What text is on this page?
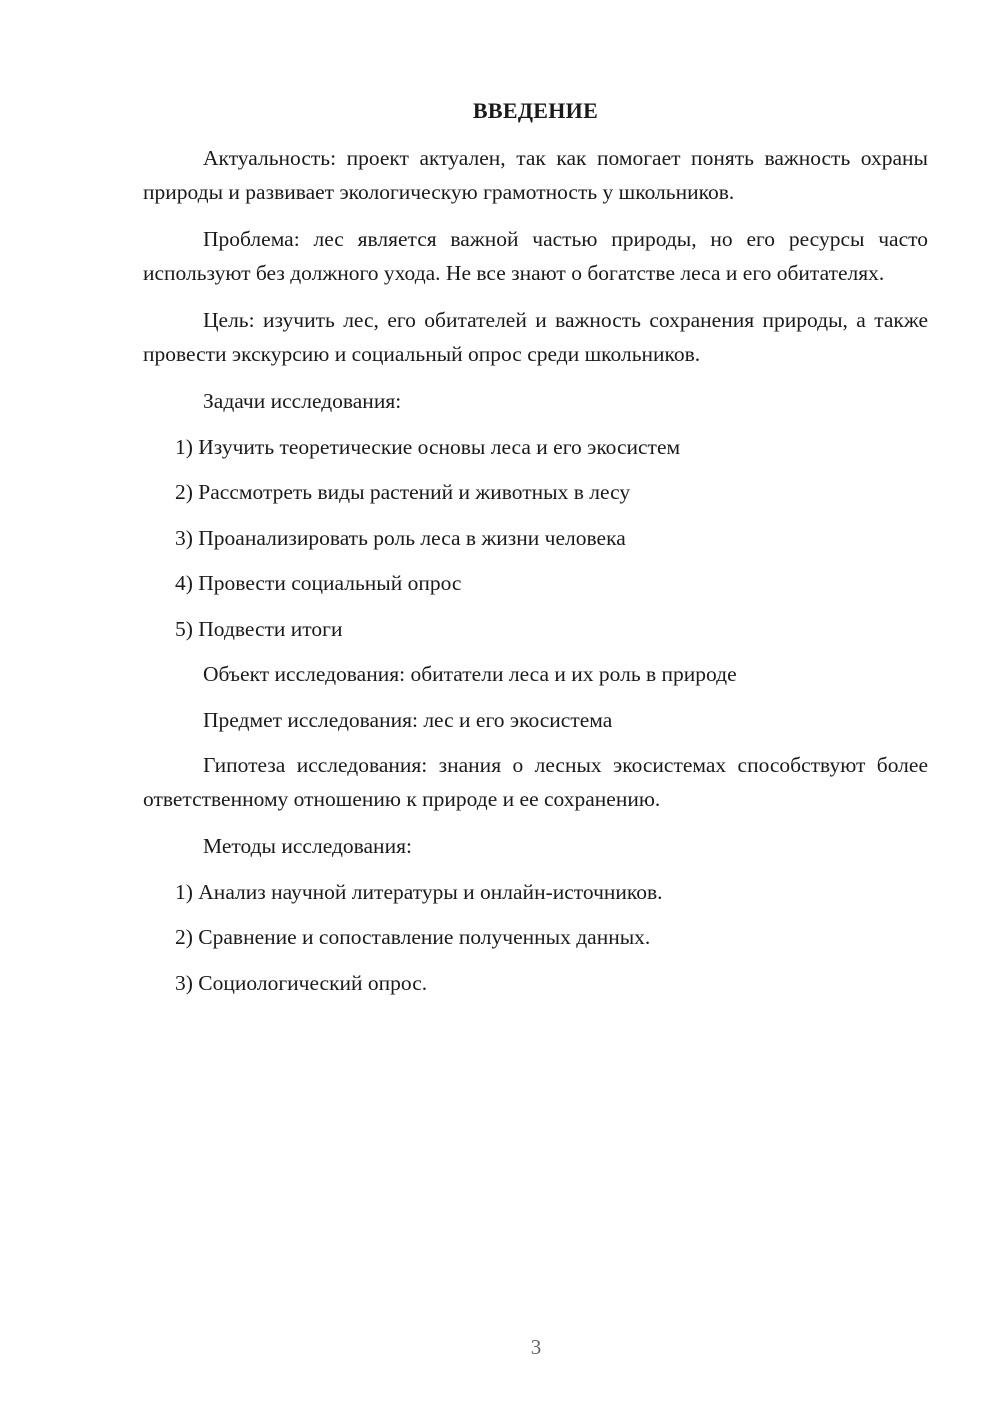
ВВЕДЕНИЕ

Актуальность: проект актуален, так как помогает понять важность охраны природы и развивает экологическую грамотность у школьников.

Проблема: лес является важной частью природы, но его ресурсы часто используют без должного ухода. Не все знают о богатстве леса и его обитателях.

Цель: изучить лес, его обитателей и важность сохранения природы, а также провести экскурсию и социальный опрос среди школьников.

Задачи исследования:
1) Изучить теоретические основы леса и его экосистем
2) Рассмотреть виды растений и животных в лесу
3) Проанализировать роль леса в жизни человека
4) Провести социальный опрос
5) Подвести итоги
Объект исследования: обитатели леса и их роль в природе
Предмет исследования: лес и его экосистема

Гипотеза исследования: знания о лесных экосистемах способствуют более ответственному отношению к природе и ее сохранению.

Методы исследования:
1) Анализ научной литературы и онлайн-источников.
2) Сравнение и сопоставление полученных данных.
3) Социологический опрос.
3
